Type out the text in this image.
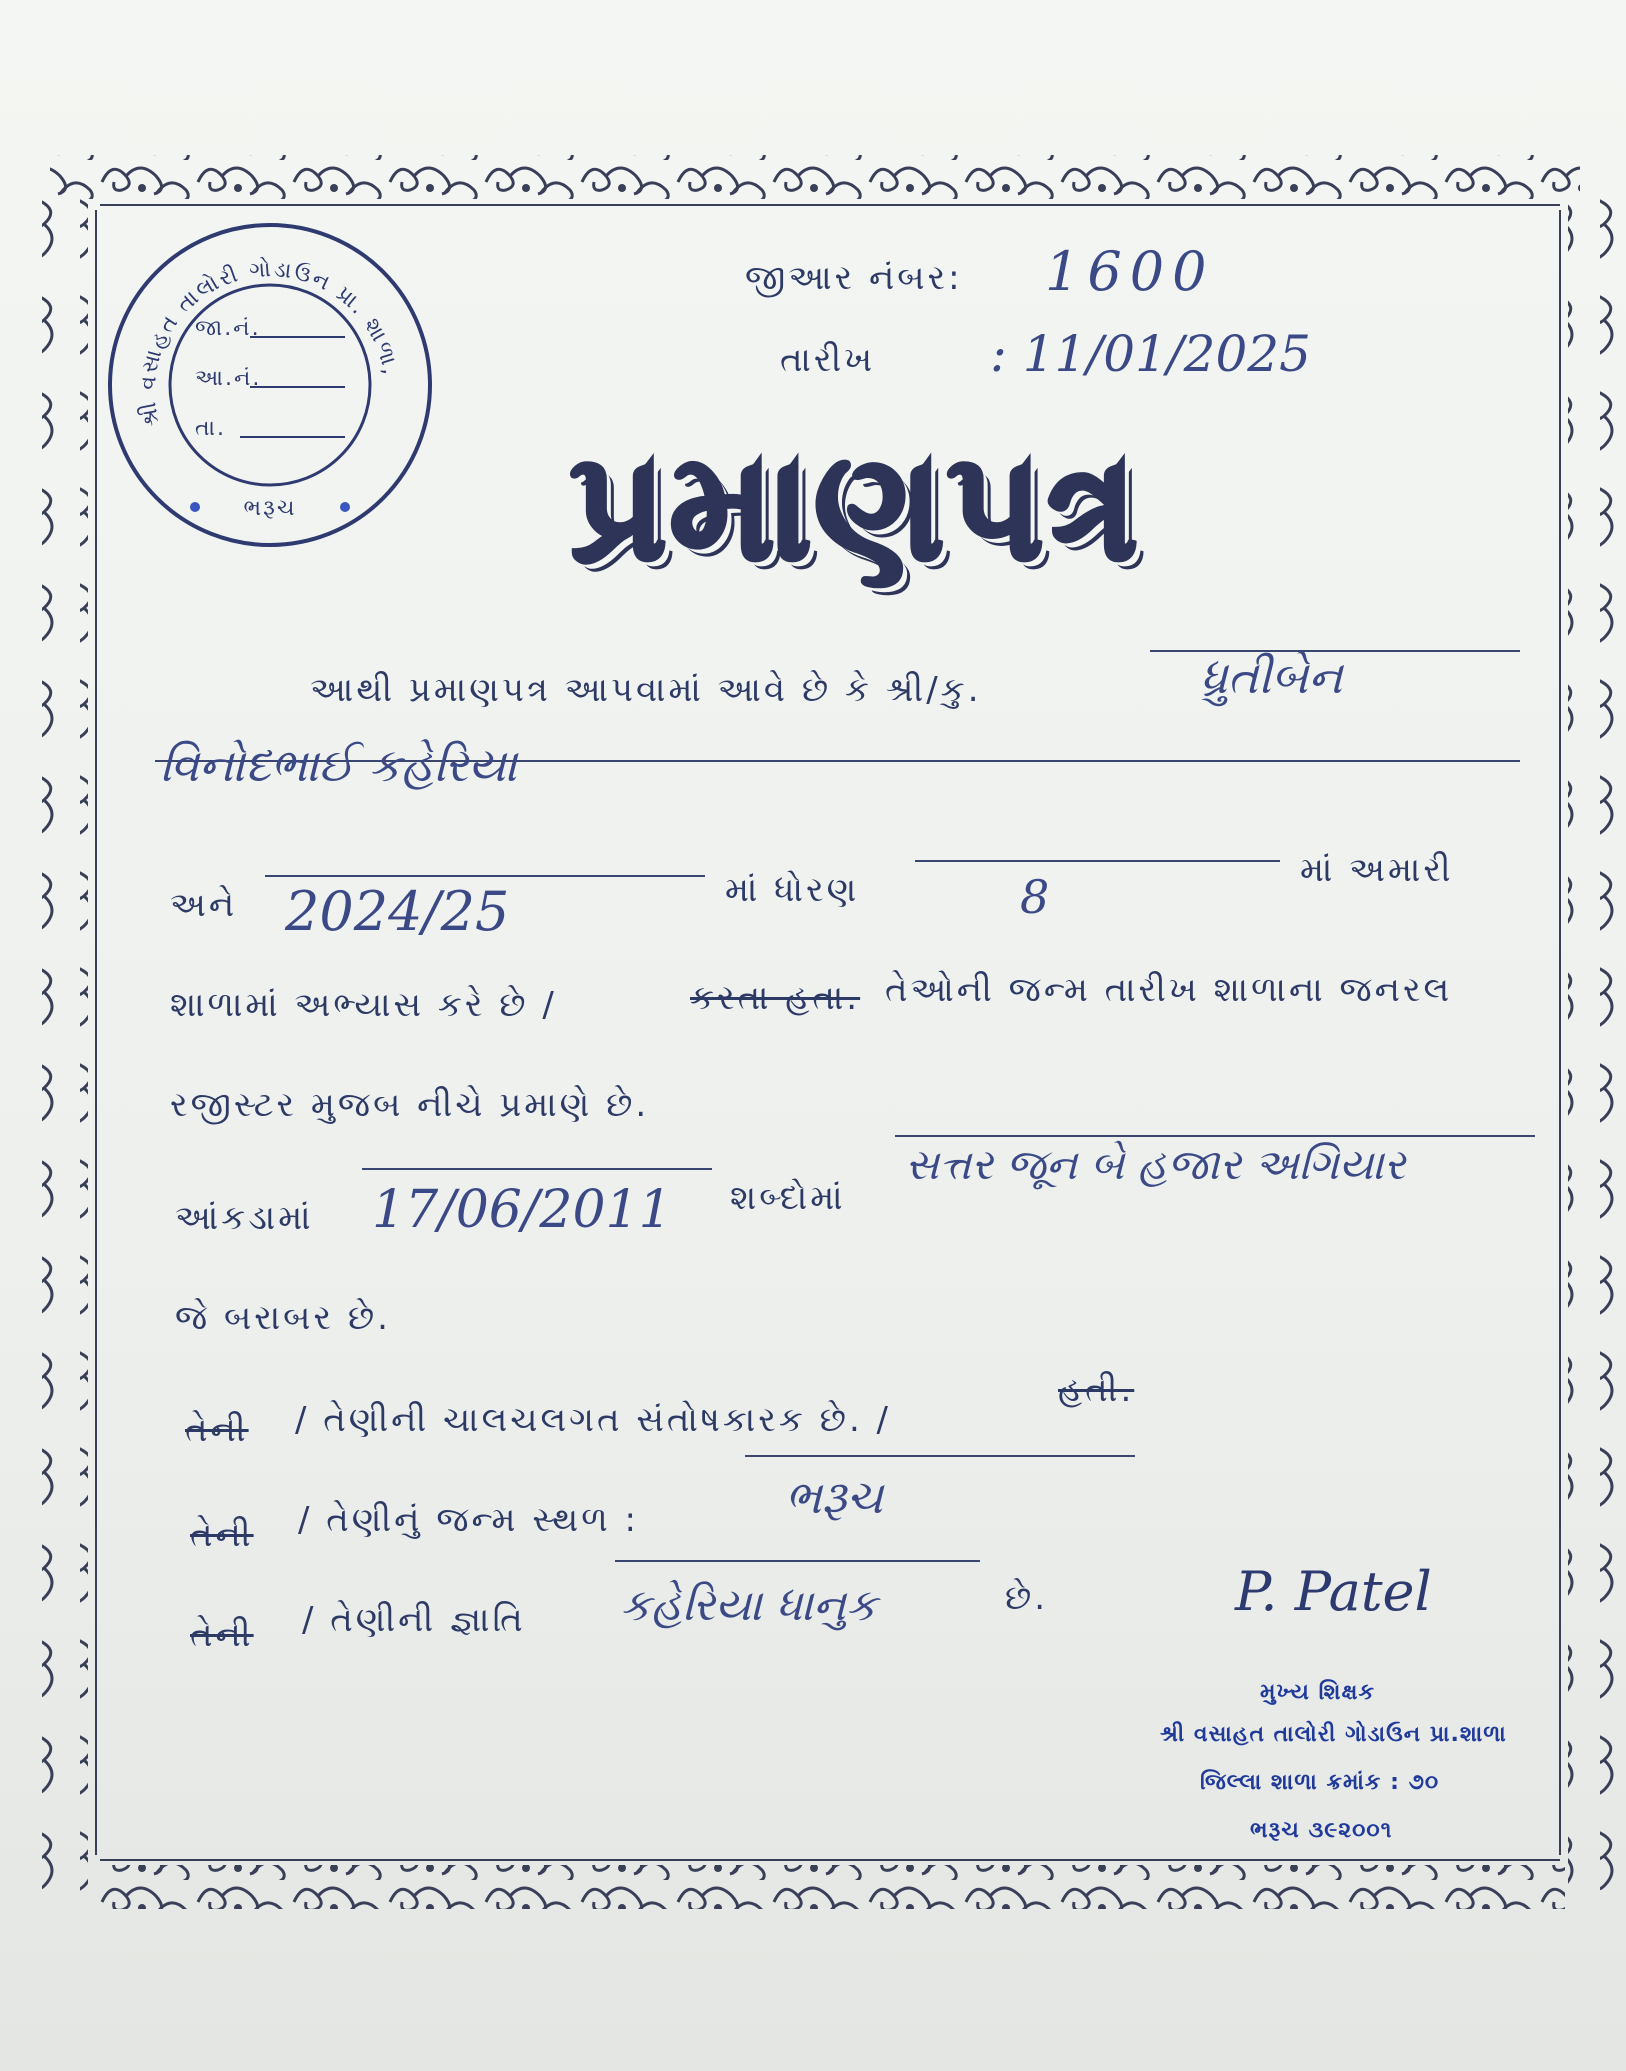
શ્રી વસાહત તાલોરી ગોડાઉન પ્રા. શાળા,
ભરૂચ
જા.નં.
આ.નં.
તા.
જીઆર નંબર: 1600
તારીખ : 11/01/2025
પ્રમાણપત્ર
આથી પ્રમાણપત્ર આપવામાં આવે છે કે શ્રી/કુ.	ધ્રુતીબેન
વિનોદભાઈ કહેરિયા
અને 2024/25	માં ધોરણ	8	માં અમારી
શાળામાં અભ્યાસ કરે છે /	કરતા હતા. તેઓની જન્મ તારીખ શાળાના જનરલ
રજીસ્ટર મુજબ નીચે પ્રમાણે છે.
આંકડામાં 17/06/2011 શબ્દોમાં
સત્તર જૂન બે હજાર અગિયાર
જે બરાબર છે.
તેની / તેણીની ચાલચલગત સંતોષકારક છે. /
હતી.
તેની / તેણીનું જન્મ સ્થળ :	ભરૂચ
તેની / તેણીની જ્ઞાતિ કહેરિયા ધાનુક	છે.	P. Patel
મુખ્ય શિક્ષક
શ્રી વસાહત તાલોરી ગોડાઉન પ્રા.શાળા
જિલ્લા શાળા ક્રમાંક : ૭૦
ભરૂચ ૩૯૨૦૦૧
